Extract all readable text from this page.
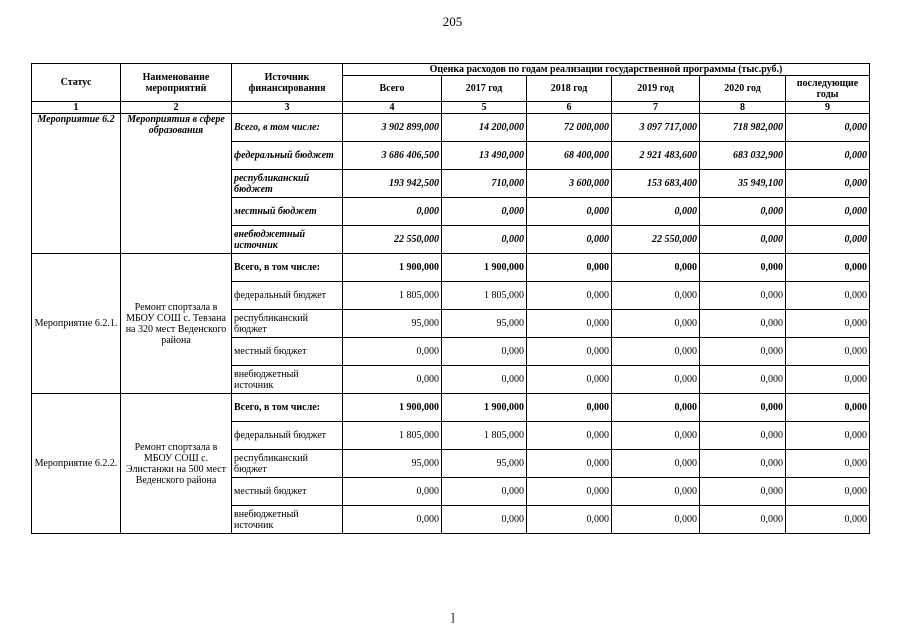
205
Статус	Наименование мероприятий	Источник финансирования	Оценка расходов по годам реализации государственной программы (тыс.руб.)					
			Всего	2017 год	2018 год	2019 год	2020 год	последующие годы
1	2	3	4	5	6	7	8	9
Мероприятие 6.2	Мероприятия в сфере образования	Всего, в том числе:	3 902 899,000	14 200,000	72 000,000	3 097 717,000	718 982,000	0,000
		федеральный бюджет	3 686 406,500	13 490,000	68 400,000	2 921 483,600	683 032,900	0,000
		республиканский бюджет	193 942,500	710,000	3 600,000	153 683,400	35 949,100	0,000
		местный бюджет	0,000	0,000	0,000	0,000	0,000	0,000
		внебюджетный источник	22 550,000	0,000	0,000	22 550,000	0,000	0,000
Мероприятие 6.2.1.	Ремонт спортзала в МБОУ СОШ с. Тевзана на 320 мест Веденского района	Всего, в том числе:	1 900,000	1 900,000	0,000	0,000	0,000	0,000
		федеральный бюджет	1 805,000	1 805,000	0,000	0,000	0,000	0,000
		республиканский бюджет	95,000	95,000	0,000	0,000	0,000	0,000
		местный бюджет	0,000	0,000	0,000	0,000	0,000	0,000
		внебюджетный источник	0,000	0,000	0,000	0,000	0,000	0,000
Мероприятие 6.2.2.	Ремонт спортзала в МБОУ СОШ с. Элистанжи на 500 мест Веденского района	Всего, в том числе:	1 900,000	1 900,000	0,000	0,000	0,000	0,000
		федеральный бюджет	1 805,000	1 805,000	0,000	0,000	0,000	0,000
		республиканский бюджет	95,000	95,000	0,000	0,000	0,000	0,000
		местный бюджет	0,000	0,000	0,000	0,000	0,000	0,000
		внебюджетный источник	0,000	0,000	0,000	0,000	0,000	0,000
]
